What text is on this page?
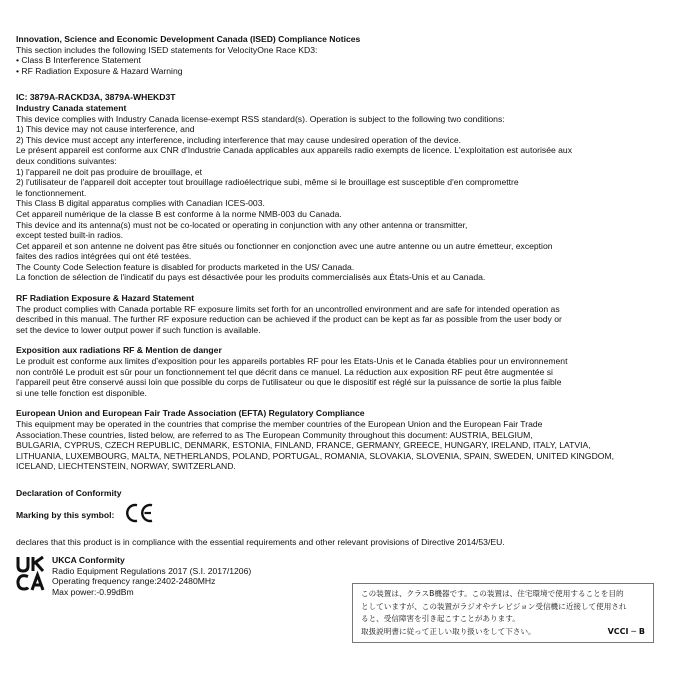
Innovation, Science and Economic Development Canada (ISED) Compliance Notices

This section includes the following ISED statements for VelocityOne Race KD3:

• Class B Interference Statement

• RF Radiation Exposure & Hazard Warning

IC: 3879A-RACKD3A, 3879A-WHEKD3T

Industry Canada statement

This device complies with Industry Canada license-exempt RSS standard(s). Operation is subject to the following two conditions:

1) This device may not cause interference, and

2) This device must accept any interference, including interference that may cause undesired operation of the device.

Le présent appareil est conforme aux CNR d'Industrie Canada applicables aux appareils radio exempts de licence. L'exploitation est autorisée aux

deux conditions suivantes:

1) l'appareil ne doit pas produire de brouillage, et

2) l'utilisateur de l'appareil doit accepter tout brouillage radioélectrique subi, même si le brouillage est susceptible d'en compromettre

le fonctionnement.

This Class B digital apparatus complies with Canadian ICES-003.

Cet appareil numérique de la classe B est conforme à la norme NMB-003 du Canada.

This device and its antenna(s) must not be co-located or operating in conjunction with any other antenna or transmitter,

except tested built-in radios.

Cet appareil et son antenne ne doivent pas être situés ou fonctionner en conjonction avec une autre antenne ou un autre émetteur, exception

faites des radios intégrées qui ont été testées.

The County Code Selection feature is disabled for products marketed in the US/ Canada.

La fonction de sélection de l'indicatif du pays est désactivée pour les produits commercialisés aux États-Unis et au Canada.

RF Radiation Exposure & Hazard Statement

The product complies with Canada portable RF exposure limits set forth for an uncontrolled environment and are safe for intended operation as

described in this manual. The further RF exposure reduction can be achieved if the product can be kept as far as possible from the user body or

set the device to lower output power if such function is available.

Exposition aux radiations RF & Mention de danger

Le produit est conforme aux limites d'exposition pour les appareils portables RF pour les Etats-Unis et le Canada établies pour un environnement

non contrôlé Le produit est sûr pour un fonctionnement tel que décrit dans ce manuel. La réduction aux exposition RF peut être augmentée si

l'appareil peut être conservé aussi loin que possible du corps de l'utilisateur ou que le dispositif est réglé sur la puissance de sortie la plus faible

si une telle fonction est disponible.

European Union and European Fair Trade Association (EFTA) Regulatory Compliance

This equipment may be operated in the countries that comprise the member countries of the European Union and the European Fair Trade

Association.These countries, listed below, are referred to as The European Community throughout this document: AUSTRIA, BELGIUM,

BULGARIA, CYPRUS, CZECH REPUBLIC, DENMARK, ESTONIA, FINLAND, FRANCE, GERMANY, GREECE, HUNGARY, IRELAND, ITALY, LATVIA,

LITHUANIA, LUXEMBOURG, MALTA, NETHERLANDS, POLAND, PORTUGAL, ROMANIA, SLOVAKIA, SLOVENIA, SPAIN, SWEDEN, UNITED KINGDOM,

ICELAND, LIECHTENSTEIN, NORWAY, SWITZERLAND.

Declaration of Conformity

Marking by this symbol:

declares that this product is in compliance with the essential requirements and other relevant provisions of Directive 2014/53/EU.

UKCA Conformity

Radio Equipment Regulations 2017 (S.I. 2017/1206)

Operating frequency range:2402-2480MHz

Max power:-0.99dBm	この装置は、クラスB機器です。この装置は、住宅環境で使用することを目的

としていますが、この装置がラジオやテレビジョン受信機に近接して使用され

ると、受信障害を引き起こすことがあります。

取扱説明書に従って正しい取り扱いをして下さい。	VCCI ─ B
